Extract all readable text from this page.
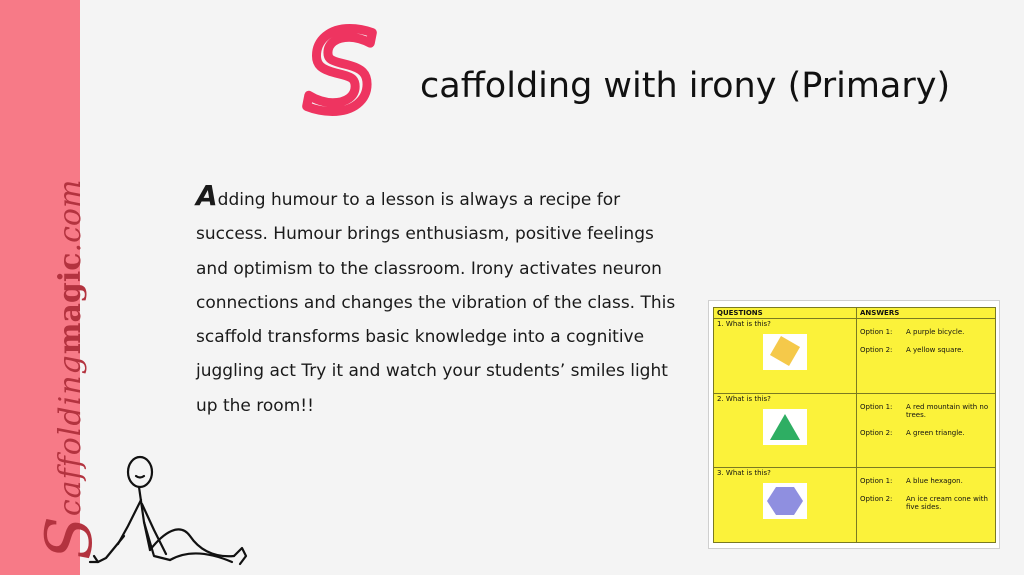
S
caffolding
magic
.com
S caffolding with irony (Primary)
Adding humour to a lesson is always a recipe for success. Humour brings enthusiasm, positive feelings and optimism to the classroom. Irony activates neuron connections and changes the vibration of the class. This scaffold transforms basic knowledge into a cognitive juggling act Try it and watch your students’ smiles light up the room!!
QUESTIONS	ANSWERS

1. What is this?	Option 1: A purple bicycle.
Option 2: A yellow square.

2. What is this?	Option 1: A red mountain with no trees.
Option 2: A green triangle.

3. What is this?	Option 1: A blue hexagon.
Option 2: An ice cream cone with five sides.
